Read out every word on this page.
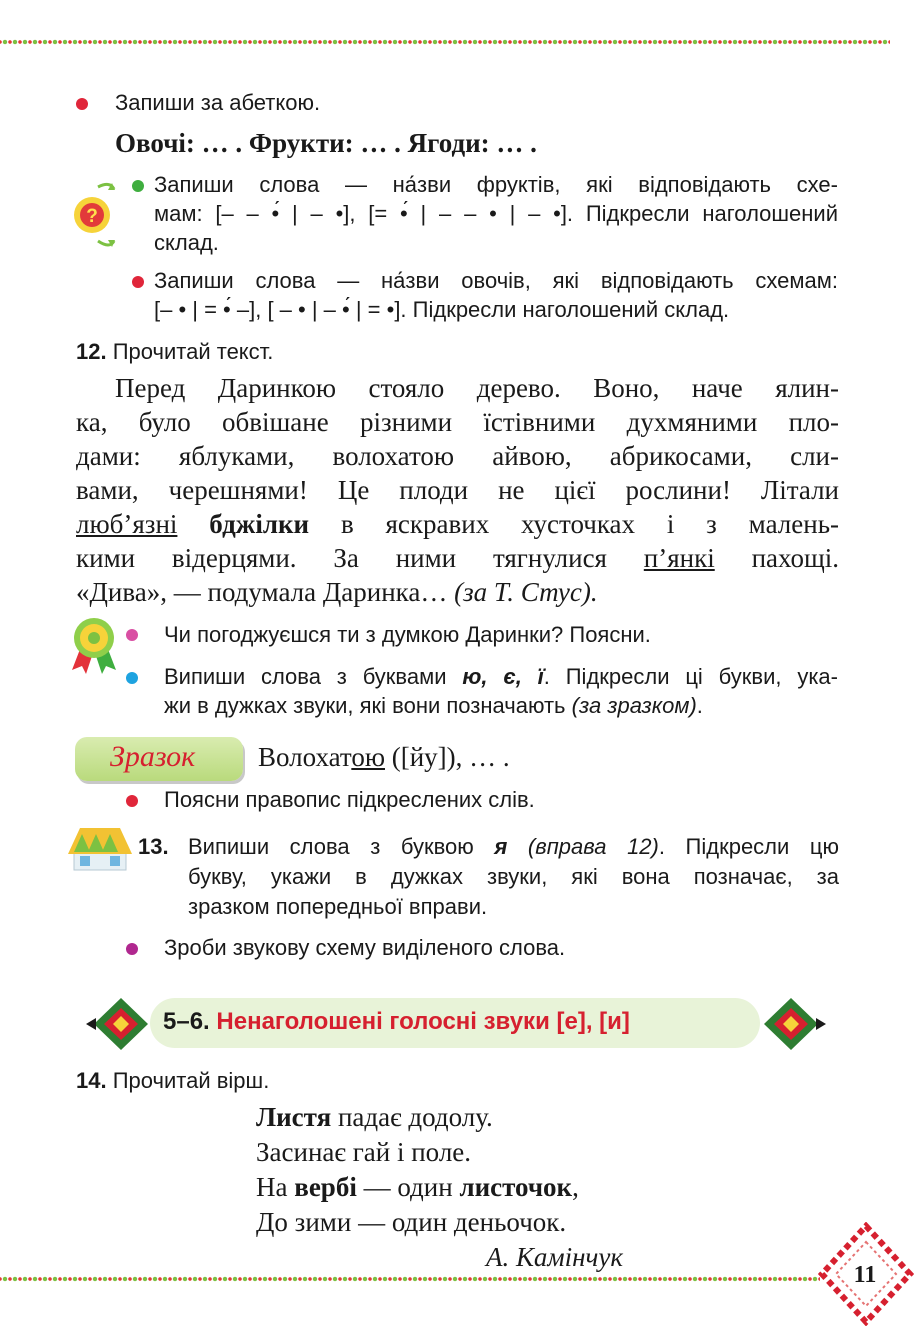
Запиши за абеткою.
Овочі: … . Фрукти: … . Ягоди: … .
?
Запиши слова — на́зви фруктів, які відповідають схе-
мам: [– – •́ | – •], [= •́ | – – • | – •]. Підкресли наголошений
склад.
Запиши слова — на́зви овочів, які відповідають схемам:
[– • | = •́ –], [ – • | – •́ | = •]. Підкресли наголошений склад.
12. Прочитай текст.
Перед Даринкою стояло дерево. Воно, наче ялин-
ка, було обвішане різними їстівними духмяними пло-
дами: яблуками, волохатою айвою, абрикосами, сли-
вами, черешнями! Це плоди не цієї рослини! Літали
люб’язні бджілки в яскравих хусточках і з малень-
кими відерцями. За ними тягнулися п’янкі пахощі.
«Дива», — подумала Даринка… (за Т. Стус).
Чи погоджуєшся ти з думкою Даринки? Поясни.
Випиши слова з буквами ю, є, ї. Підкресли ці букви, ука-
жи в дужках звуки, які вони позначають (за зразком).
Зразок Волохатою ([йу]), … .
Поясни правопис підкреслених слів.
13. Випиши слова з буквою я (вправа 12). Підкресли цю
букву, укажи в дужках звуки, які вона позначає, за
зразком попередньої вправи.
Зроби звукову схему виділеного слова.
5–6. Ненаголошені голосні звуки [е], [и]
14. Прочитай вірш.
Листя падає додолу.
Засинає гай і поле.
На вербі — один листочок,
До зими — один деньочок.
А. Камінчук
11
